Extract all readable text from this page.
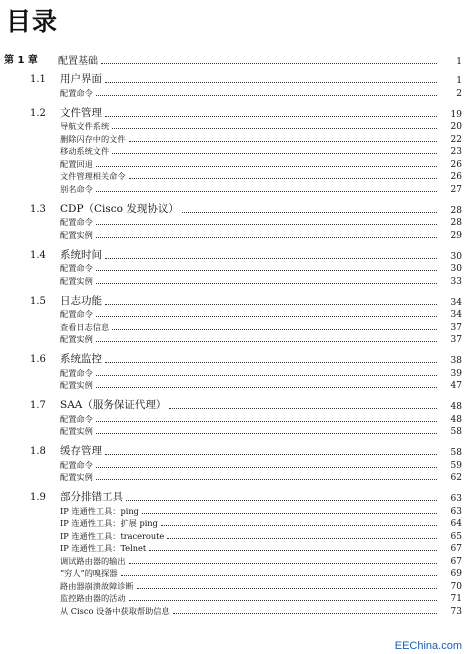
目录
第 1 章 配置基础	1
1.1 用户界面	1
配置命令	2
1.2 文件管理	19
导航文件系统	20
删除闪存中的文件	22
移动系统文件	23
配置回退	26
文件管理相关命令	26
别名命令	27
1.3 CDP（Cisco 发现协议）	28
配置命令	28
配置实例	29
1.4 系统时间	30
配置命令	30
配置实例	33
1.5 日志功能	34
配置命令	34
查看日志信息	37
配置实例	37
1.6 系统监控	38
配置命令	39
配置实例	47
1.7 SAA（服务保证代理）	48
配置命令	48
配置实例	58
1.8 缓存管理	58
配置命令	59
配置实例	62
1.9 部分排错工具	63
IP 连通性工具：ping	63
IP 连通性工具：扩展 ping	64
IP 连通性工具：traceroute	65
IP 连通性工具：Telnet	67
调试路由器的输出	67
“穷人”的嗅探器	69
路由器崩溃故障诊断	70
监控路由器的活动	71
从 Cisco 设备中获取帮助信息	73
EEChina.com
